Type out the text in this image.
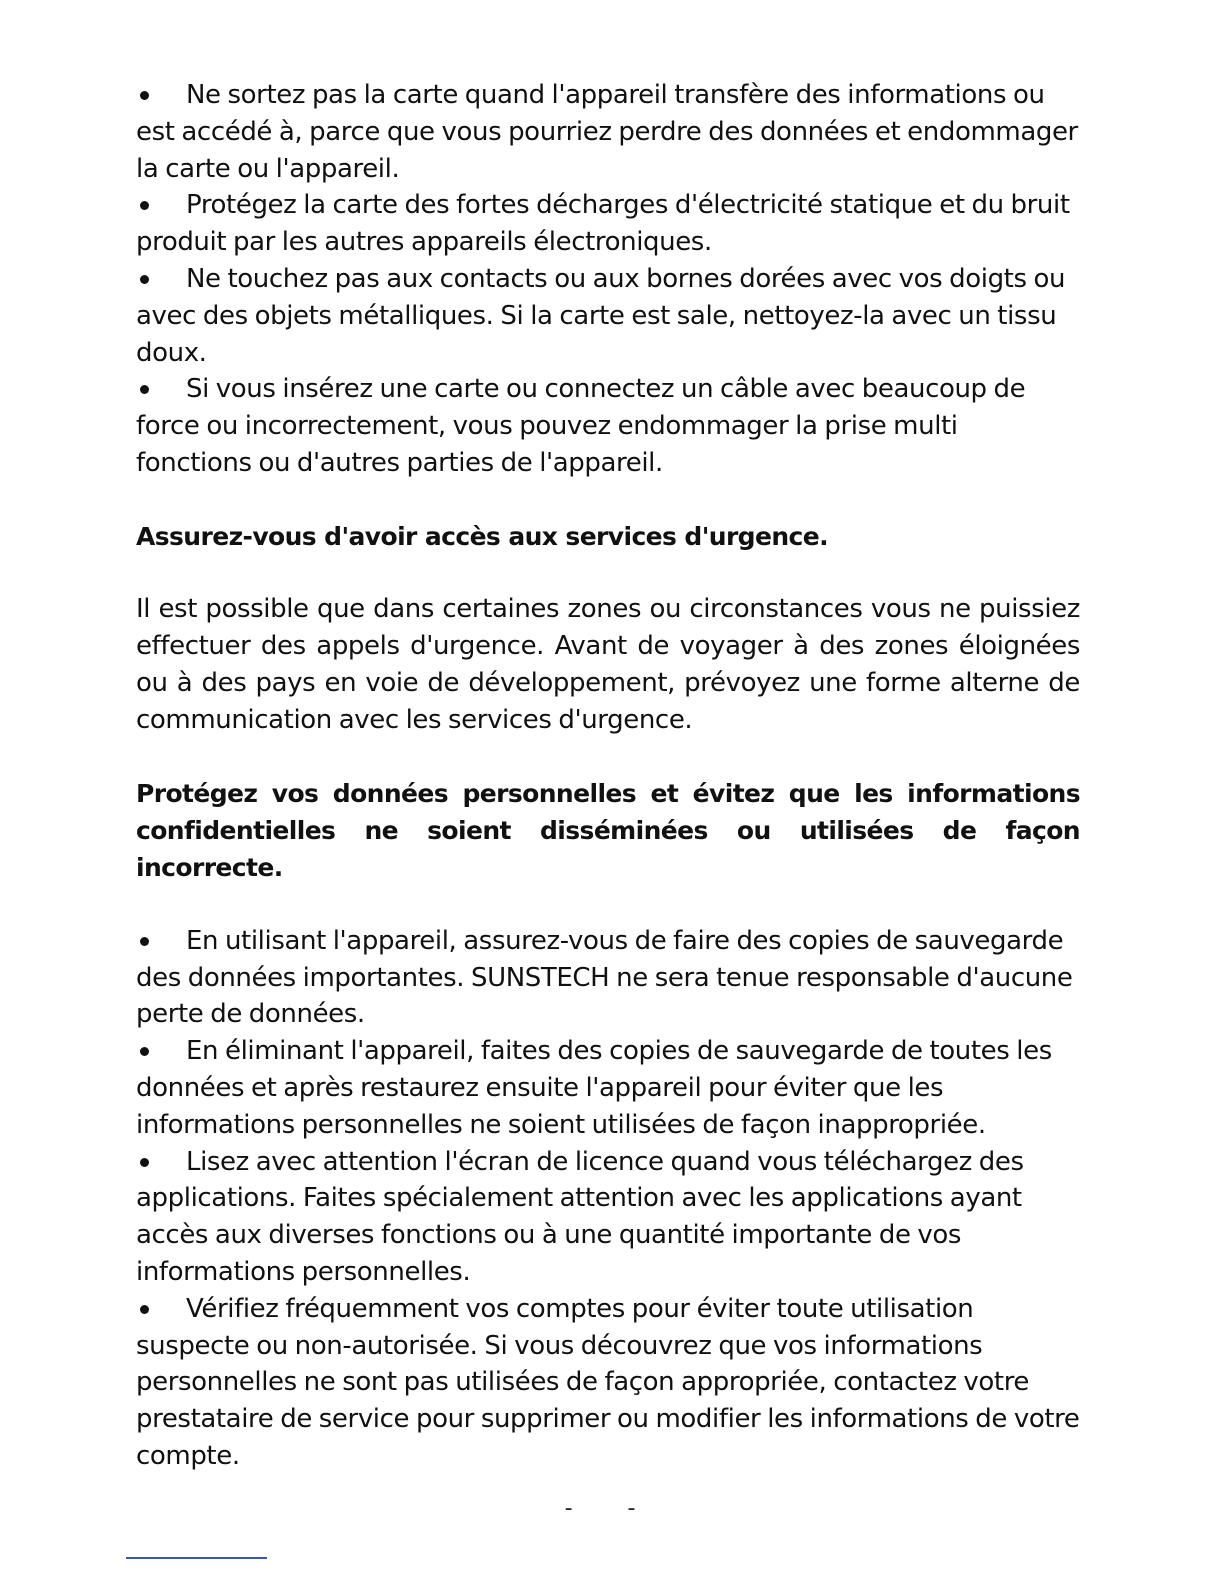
Ne sortez pas la carte quand l'appareil transfère des informations ou est accédé à, parce que vous pourriez perdre des données et endommager la carte ou l'appareil.
Protégez la carte des fortes décharges d'électricité statique et du bruit produit par les autres appareils électroniques.
Ne touchez pas aux contacts ou aux bornes dorées avec vos doigts ou avec des objets métalliques. Si la carte est sale, nettoyez-la avec un tissu doux.
Si vous insérez une carte ou connectez un câble avec beaucoup de force ou incorrectement, vous pouvez endommager la prise multi fonctions ou d'autres parties de l'appareil.
Assurez-vous d'avoir accès aux services d'urgence.

Il est possible que dans certaines zones ou circonstances vous ne puissiez effectuer des appels d'urgence. Avant de voyager à des zones éloignées ou à des pays en voie de développement, prévoyez une forme alterne de communication avec les services d'urgence.

Protégez vos données personnelles et évitez que les informations confidentielles ne soient disséminées ou utilisées de façon incorrecte.
En utilisant l'appareil, assurez-vous de faire des copies de sauvegarde des données importantes. SUNSTECH ne sera tenue responsable d'aucune perte de données.
En éliminant l'appareil, faites des copies de sauvegarde de toutes les données et après restaurez ensuite l'appareil pour éviter que les informations personnelles ne soient utilisées de façon inappropriée.
Lisez avec attention l'écran de licence quand vous téléchargez des applications. Faites spécialement attention avec les applications ayant accès aux diverses fonctions ou à une quantité importante de vos informations personnelles.
Vérifiez fréquemment vos comptes pour éviter toute utilisation suspecte ou non-autorisée. Si vous découvrez que vos informations personnelles ne sont pas utilisées de façon appropriée, contactez votre prestataire de service pour supprimer ou modifier les informations de votre compte.
- -
